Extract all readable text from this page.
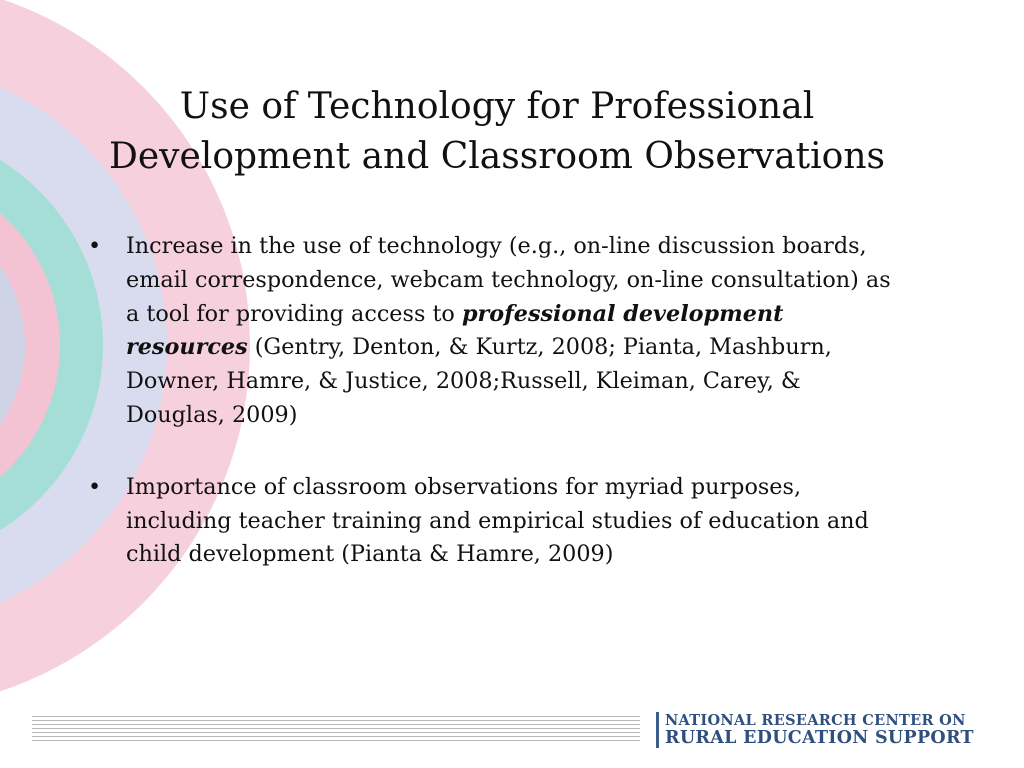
Use of Technology for Professional
Development and Classroom Observations
• Increase in the use of technology (e.g., on-line discussion boards, email correspondence, webcam technology, on-line consultation) as a tool for providing access to professional development resources (Gentry, Denton, & Kurtz, 2008; Pianta, Mashburn, Downer, Hamre, & Justice, 2008;Russell, Kleiman, Carey, & Douglas, 2009)
• Importance of classroom observations for myriad purposes, including teacher training and empirical studies of education and child development (Pianta & Hamre, 2009)
NATIONAL RESEARCH CENTER ON
RURAL EDUCATION SUPPORT
